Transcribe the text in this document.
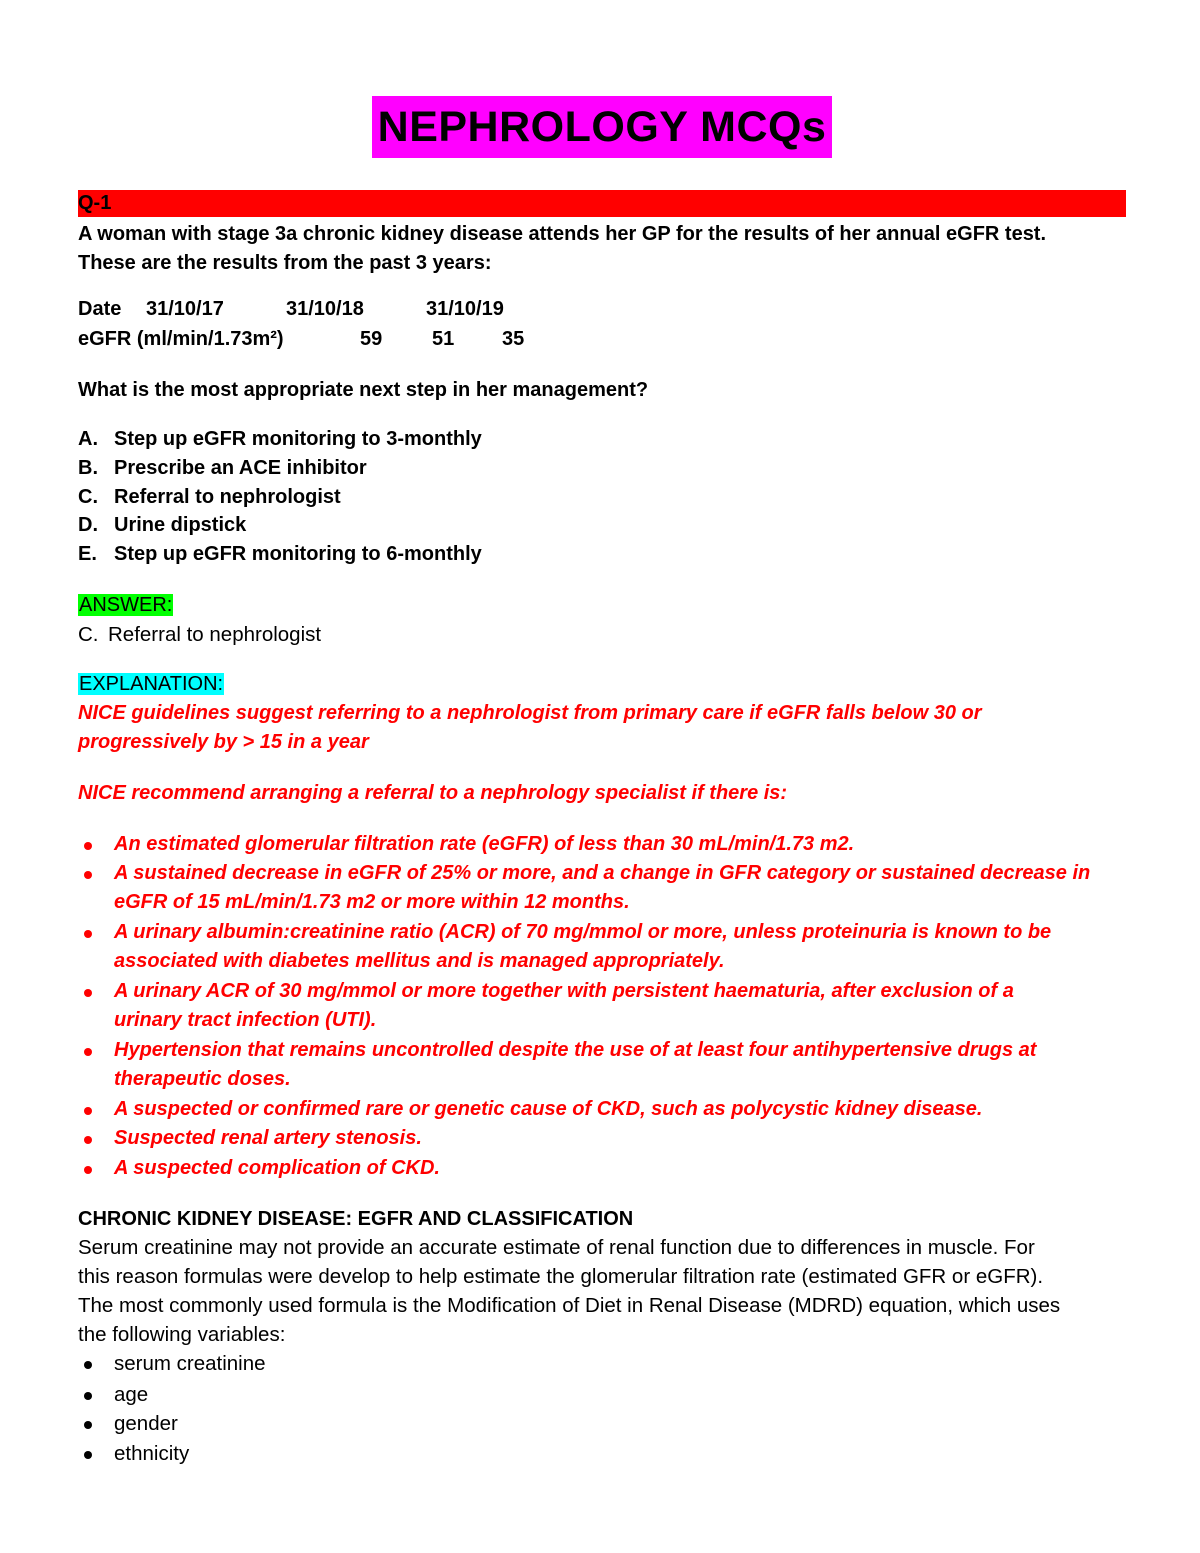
NEPHROLOGY MCQs
Q-1
A woman with stage 3a chronic kidney disease attends her GP for the results of her annual eGFR test.
These are the results from the past 3 years:
Date 31/10/17	31/10/18	31/10/19
eGFR (ml/min/1.73m²)	59 51 35
What is the most appropriate next step in her management?
A. Step up eGFR monitoring to 3-monthly
B. Prescribe an ACE inhibitor
C. Referral to nephrologist
D. Urine dipstick
E. Step up eGFR monitoring to 6-monthly
ANSWER:
C. Referral to nephrologist
EXPLANATION:
NICE guidelines suggest referring to a nephrologist from primary care if eGFR falls below 30 or
progressively by > 15 in a year
NICE recommend arranging a referral to a nephrology specialist if there is:
An estimated glomerular filtration rate (eGFR) of less than 30 mL/min/1.73 m2.
A sustained decrease in eGFR of 25% or more, and a change in GFR category or sustained decrease in
eGFR of 15 mL/min/1.73 m2 or more within 12 months.
A urinary albumin:creatinine ratio (ACR) of 70 mg/mmol or more, unless proteinuria is known to be
associated with diabetes mellitus and is managed appropriately.
A urinary ACR of 30 mg/mmol or more together with persistent haematuria, after exclusion of a
urinary tract infection (UTI).
Hypertension that remains uncontrolled despite the use of at least four antihypertensive drugs at
therapeutic doses.
A suspected or confirmed rare or genetic cause of CKD, such as polycystic kidney disease.
Suspected renal artery stenosis.
A suspected complication of CKD.
CHRONIC KIDNEY DISEASE: EGFR AND CLASSIFICATION
Serum creatinine may not provide an accurate estimate of renal function due to differences in muscle. For
this reason formulas were develop to help estimate the glomerular filtration rate (estimated GFR or eGFR).
The most commonly used formula is the Modification of Diet in Renal Disease (MDRD) equation, which uses
the following variables:
serum creatinine
age
gender
ethnicity
